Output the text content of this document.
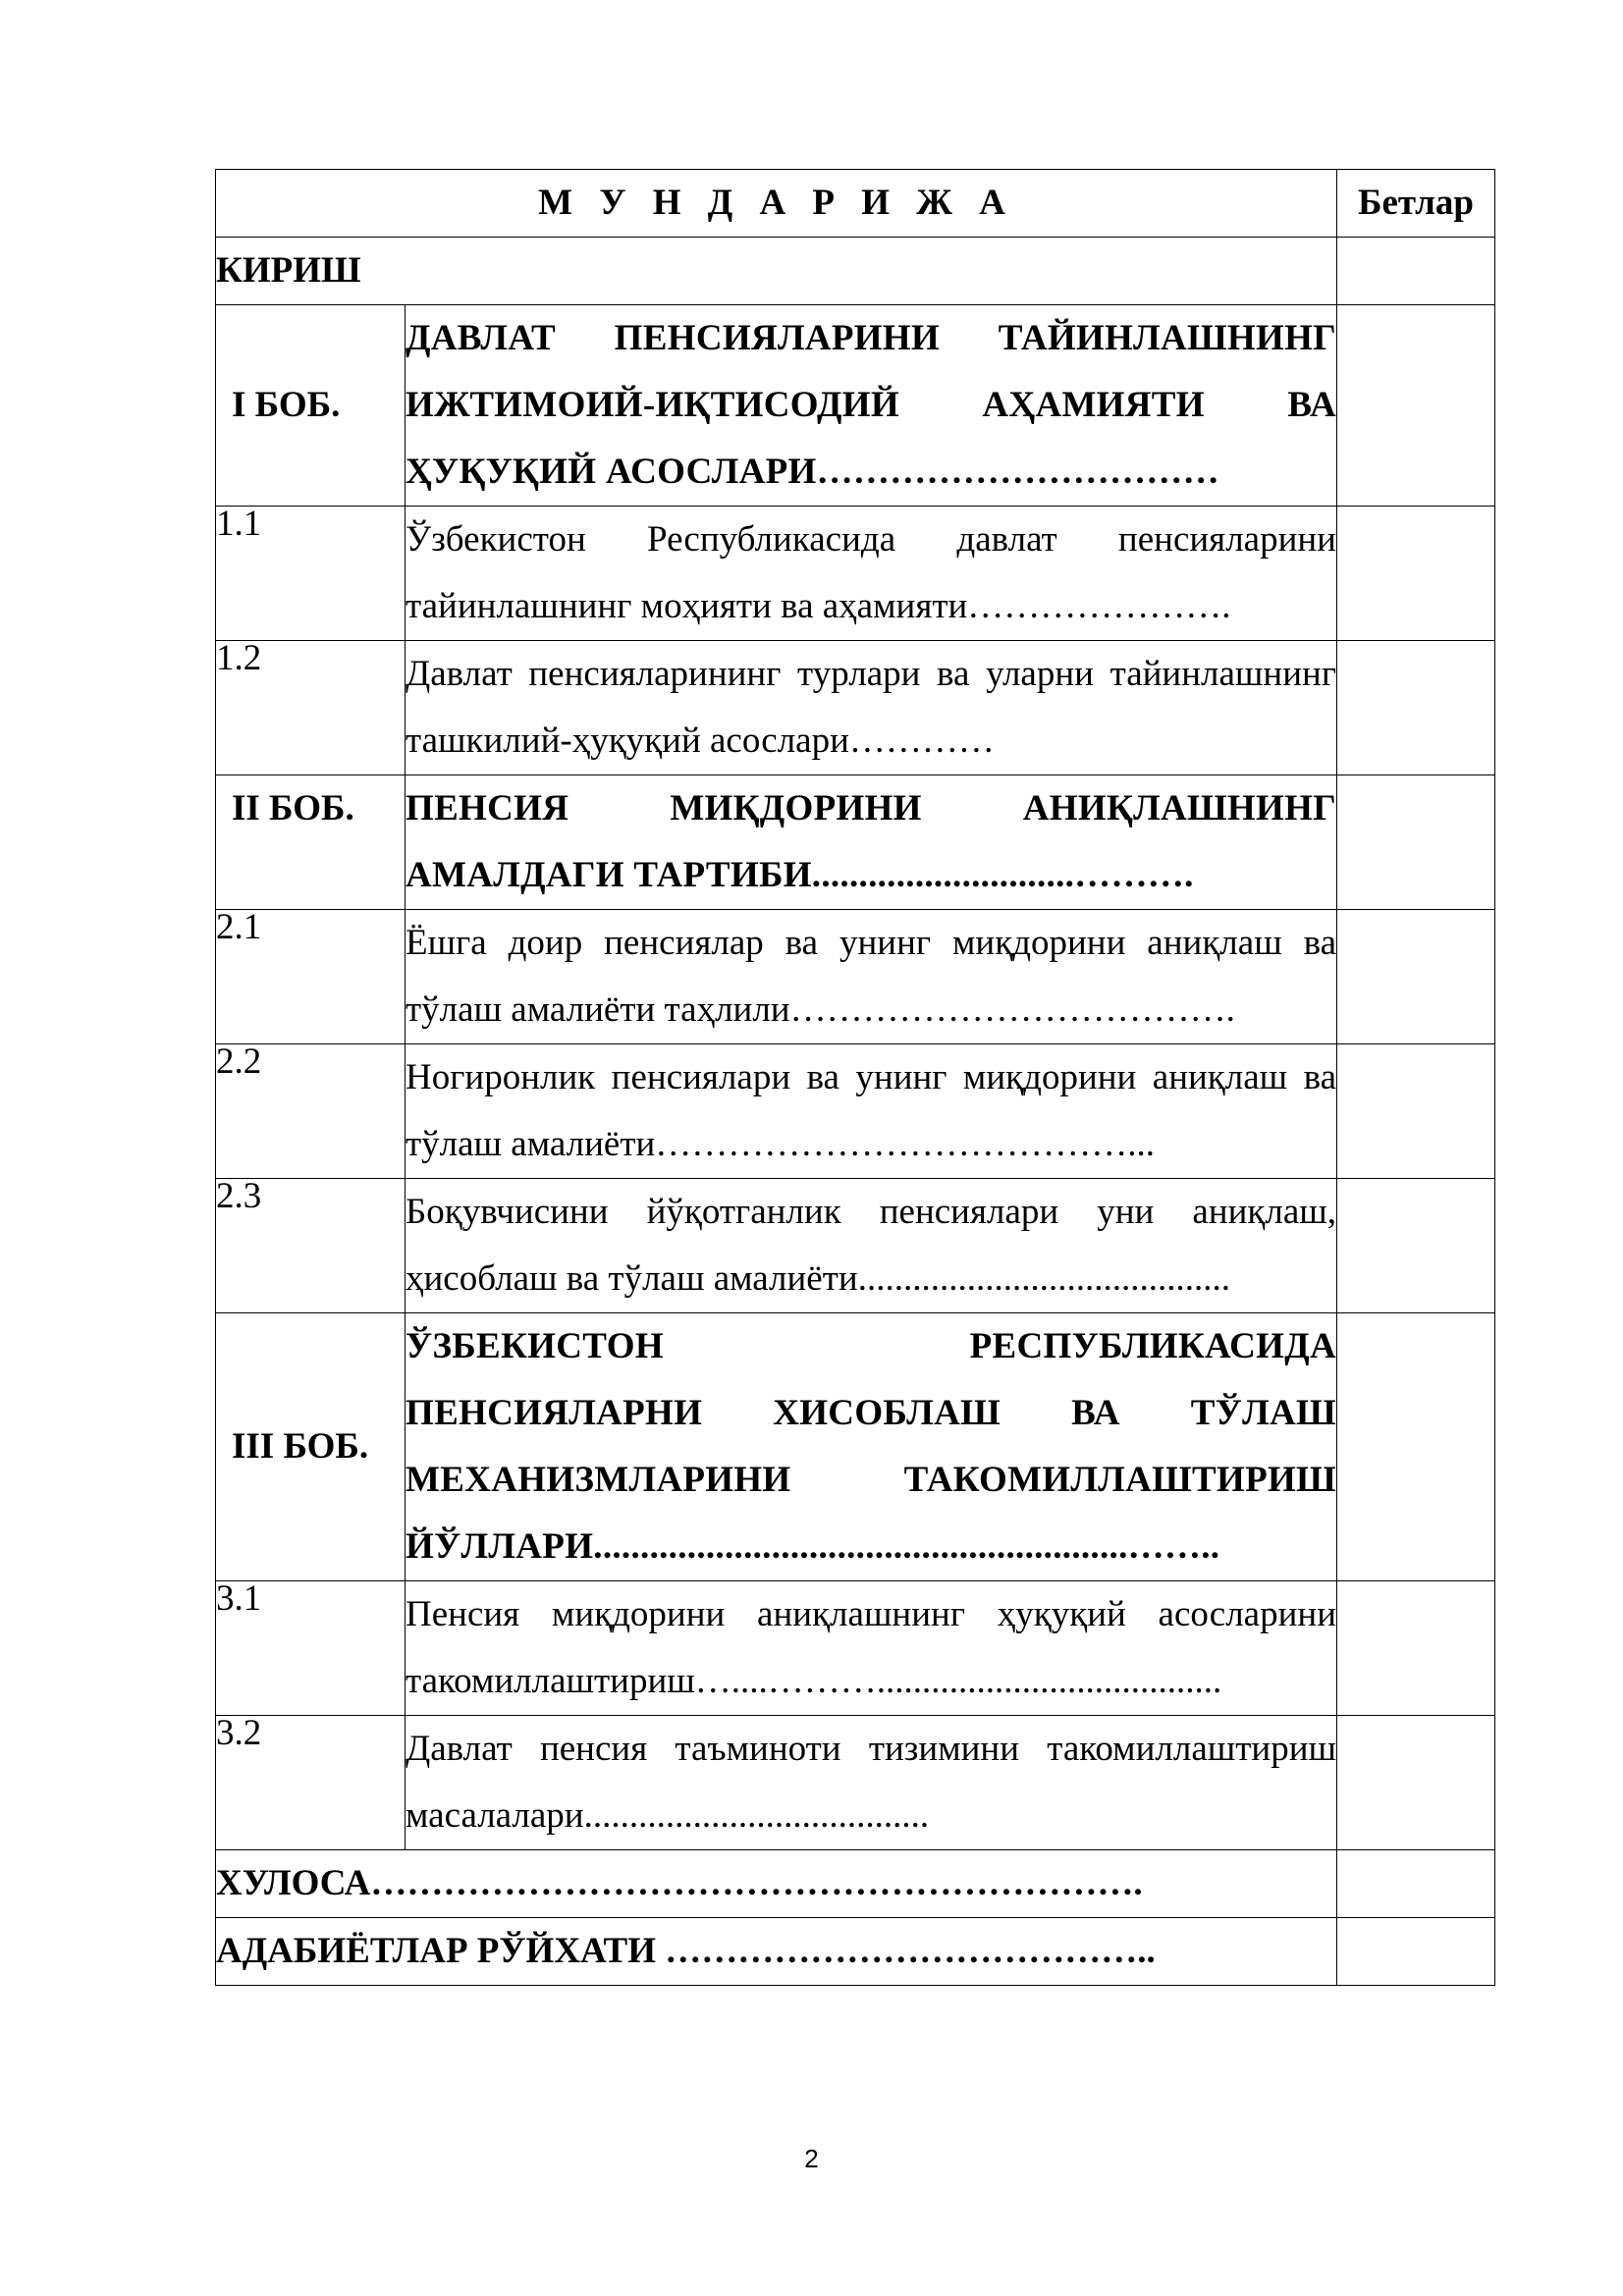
М У Н Д А Р И Ж А		Бетлар
КИРИШ		
I БОБ.	ДАВЛАТ ПЕНСИЯЛАРИНИ ТАЙИНЛАШНИНГ ИЖТИМОИЙ-ИҚТИСОДИЙ АҲАМИЯТИ ВА ҲУҚУҚИЙ АСОСЛАРИ……………………………	
1.1	Ўзбекистон Республикасида давлат пенсияларини тайинлашнинг моҳияти ва аҳамияти………………….	
1.2	Давлат пенсияларининг турлари ва уларни тайинлашнинг ташкилий-ҳуқуқий асослари…………	
II БОБ.	ПЕНСИЯ МИҚДОРИНИ АНИҚЛАШНИНГ АМАЛДАГИ ТАРТИБИ............................……….	
2.1	Ёшга доир пенсиялар ва унинг миқдорини аниқлаш ва тўлаш амалиёти таҳлили……………………………….	
2.2	Ногиронлик пенсиялари ва унинг миқдорини аниқлаш ва тўлаш амалиёти…………………………………...	
2.3	Боқувчисини йўқотганлик пенсиялари уни аниқлаш, ҳисоблаш ва тўлаш амалиёти.........................................	
III БОБ.	ЎЗБЕКИСТОН РЕСПУБЛИКАСИДА ПЕНСИЯЛАРНИ ХИСОБЛАШ ВА ТЎЛАШ МЕХАНИЗМЛАРИНИ ТАКОМИЛЛАШТИРИШ ЙЎЛЛАРИ.........................................................……..	
3.1	Пенсия миқдорини аниқлашнинг ҳуқуқий асосларини такомиллаштириш…....………......................................	
3.2	Давлат пенсия таъминоти тизимини такомиллаштириш масалалари......................................	
ХУЛОСА……………………………………………………….		
АДАБИЁТЛАР РЎЙХАТИ …………………………………..		
2
